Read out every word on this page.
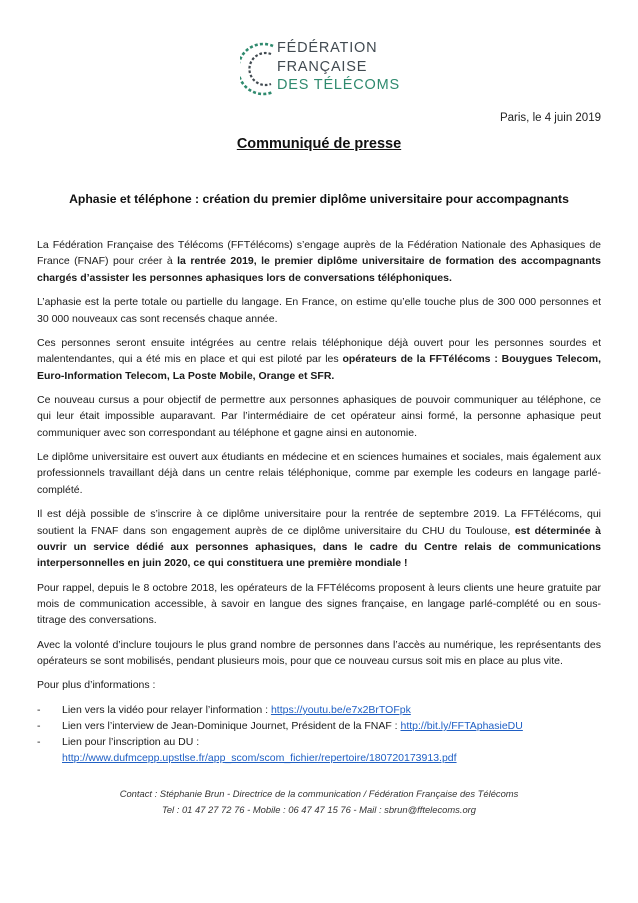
FÉDÉRATION
FRANÇAISE
DES TÉLÉCOMS
Paris, le 4 juin 2019
Communiqué de presse
Aphasie et téléphone : création du premier diplôme universitaire pour accompagnants

La Fédération Française des Télécoms (FFTélécoms) s’engage auprès de la Fédération Nationale des Aphasiques de France (FNAF) pour créer à la rentrée 2019, le premier diplôme universitaire de formation des accompagnants chargés d’assister les personnes aphasiques lors de conversations téléphoniques.

L’aphasie est la perte totale ou partielle du langage. En France, on estime qu’elle touche plus de 300 000 personnes et 30 000 nouveaux cas sont recensés chaque année.

Ces personnes seront ensuite intégrées au centre relais téléphonique déjà ouvert pour les personnes sourdes et malentendantes, qui a été mis en place et qui est piloté par les opérateurs de la FFTélécoms : Bouygues Telecom, Euro-Information Telecom, La Poste Mobile, Orange et SFR.

Ce nouveau cursus a pour objectif de permettre aux personnes aphasiques de pouvoir communiquer au téléphone, ce qui leur était impossible auparavant. Par l’intermédiaire de cet opérateur ainsi formé, la personne aphasique peut communiquer avec son correspondant au téléphone et gagne ainsi en autonomie.

Le diplôme universitaire est ouvert aux étudiants en médecine et en sciences humaines et sociales, mais également aux professionnels travaillant déjà dans un centre relais téléphonique, comme par exemple les codeurs en langage parlé-complété.

Il est déjà possible de s’inscrire à ce diplôme universitaire pour la rentrée de septembre 2019. La FFTélécoms, qui soutient la FNAF dans son engagement auprès de ce diplôme universitaire du CHU du Toulouse, est déterminée à ouvrir un service dédié aux personnes aphasiques, dans le cadre du Centre relais de communications interpersonnelles en juin 2020, ce qui constituera une première mondiale !

Pour rappel, depuis le 8 octobre 2018, les opérateurs de la FFTélécoms proposent à leurs clients une heure gratuite par mois de communication accessible, à savoir en langue des signes française, en langage parlé-complété ou en sous-titrage des conversations.

Avec la volonté d’inclure toujours le plus grand nombre de personnes dans l’accès au numérique, les représentants des opérateurs se sont mobilisés, pendant plusieurs mois, pour que ce nouveau cursus soit mis en place au plus vite.

Pour plus d’informations :

- Lien vers la vidéo pour relayer l’information : https://youtu.be/e7x2BrTOFpk
- Lien vers l’interview de Jean-Dominique Journet, Président de la FNAF : http://bit.ly/FFTAphasieDU
- Lien pour l’inscription au DU :
http://www.dufmcepp.upstlse.fr/app_scom/scom_fichier/repertoire/180720173913.pdf
Contact : Stéphanie Brun - Directrice de la communication / Fédération Française des Télécoms
Tel : 01 47 27 72 76 - Mobile : 06 47 47 15 76 - Mail : sbrun@fftelecoms.org
